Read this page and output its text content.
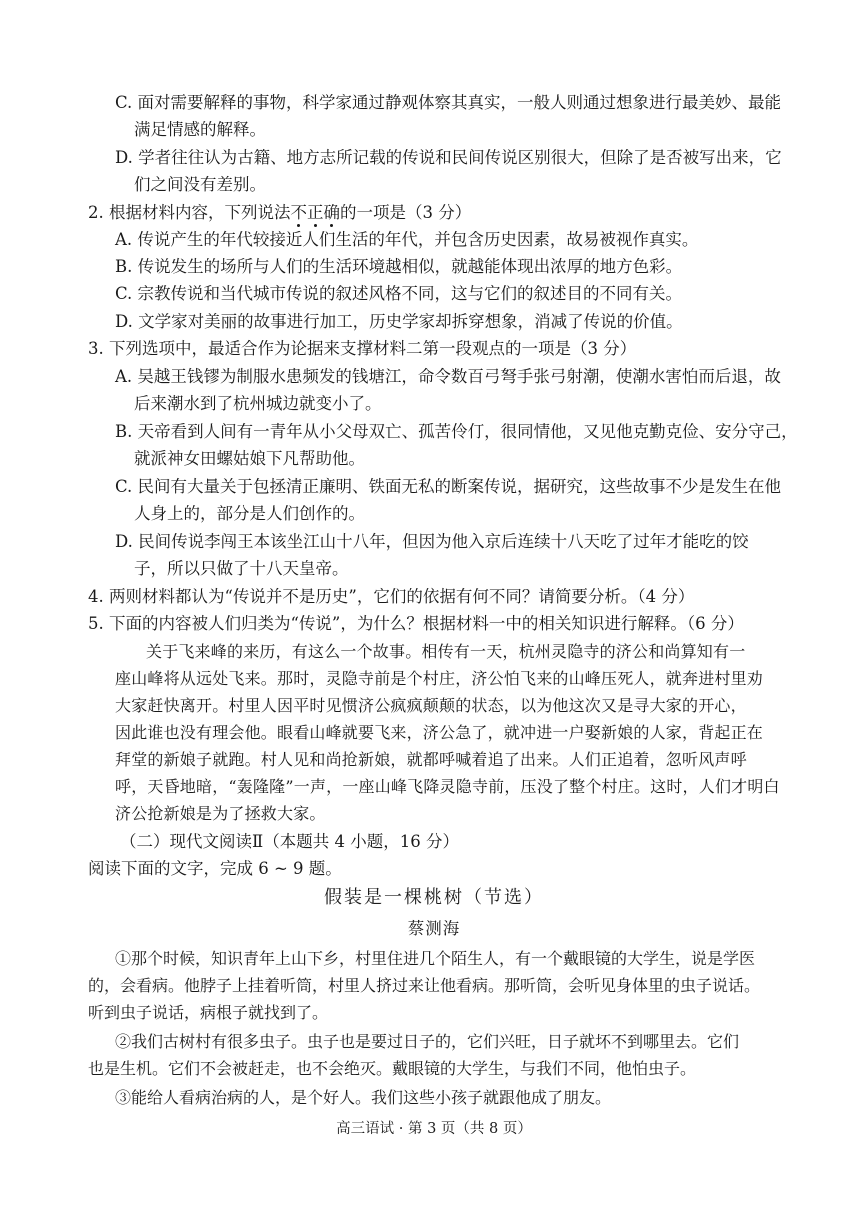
C. 面对需要解释的事物，科学家通过静观体察其真实，一般人则通过想象进行最美妙、最能
满足情感的解释。
D. 学者往往认为古籍、地方志所记载的传说和民间传说区别很大，但除了是否被写出来，它
们之间没有差别。
2. 根据材料内容，下列说法不正确的一项是（3 分）
A. 传说产生的年代较接近人们生活的年代，并包含历史因素，故易被视作真实。
B. 传说发生的场所与人们的生活环境越相似，就越能体现出浓厚的地方色彩。
C. 宗教传说和当代城市传说的叙述风格不同，这与它们的叙述目的不同有关。
D. 文学家对美丽的故事进行加工，历史学家却拆穿想象，消减了传说的价值。
3. 下列选项中，最适合作为论据来支撑材料二第一段观点的一项是（3 分）
A. 吴越王钱镠为制服水患频发的钱塘江，命令数百弓弩手张弓射潮，使潮水害怕而后退，故
后来潮水到了杭州城边就变小了。
B. 天帝看到人间有一青年从小父母双亡、孤苦伶仃，很同情他，又见他克勤克俭、安分守己，
就派神女田螺姑娘下凡帮助他。
C. 民间有大量关于包拯清正廉明、铁面无私的断案传说，据研究，这些故事不少是发生在他
人身上的，部分是人们创作的。
D. 民间传说李闯王本该坐江山十八年，但因为他入京后连续十八天吃了过年才能吃的饺
子，所以只做了十八天皇帝。
4. 两则材料都认为“传说并不是历史”，它们的依据有何不同？请简要分析。（4 分）
5. 下面的内容被人们归类为“传说”，为什么？根据材料一中的相关知识进行解释。（6 分）
关于飞来峰的来历，有这么一个故事。相传有一天，杭州灵隐寺的济公和尚算知有一
座山峰将从远处飞来。那时，灵隐寺前是个村庄，济公怕飞来的山峰压死人，就奔进村里劝
大家赶快离开。村里人因平时见惯济公疯疯颠颠的状态，以为他这次又是寻大家的开心，
因此谁也没有理会他。眼看山峰就要飞来，济公急了，就冲进一户娶新娘的人家，背起正在
拜堂的新娘子就跑。村人见和尚抢新娘，就都呼喊着追了出来。人们正追着，忽听风声呼
呼，天昏地暗，“轰隆隆”一声，一座山峰飞降灵隐寺前，压没了整个村庄。这时，人们才明白
济公抢新娘是为了拯救大家。
（二）现代文阅读Ⅱ（本题共 4 小题，16 分）
阅读下面的文字，完成 6 ~ 9 题。
假装是一棵桃树（节选）
蔡测海
①那个时候，知识青年上山下乡，村里住进几个陌生人，有一个戴眼镜的大学生，说是学医
的，会看病。他脖子上挂着听筒，村里人挤过来让他看病。那听筒，会听见身体里的虫子说话。
听到虫子说话，病根子就找到了。
②我们古树村有很多虫子。虫子也是要过日子的，它们兴旺，日子就坏不到哪里去。它们
也是生机。它们不会被赶走，也不会绝灭。戴眼镜的大学生，与我们不同，他怕虫子。
③能给人看病治病的人，是个好人。我们这些小孩子就跟他成了朋友。
高三语试 · 第 3 页（共 8 页）
